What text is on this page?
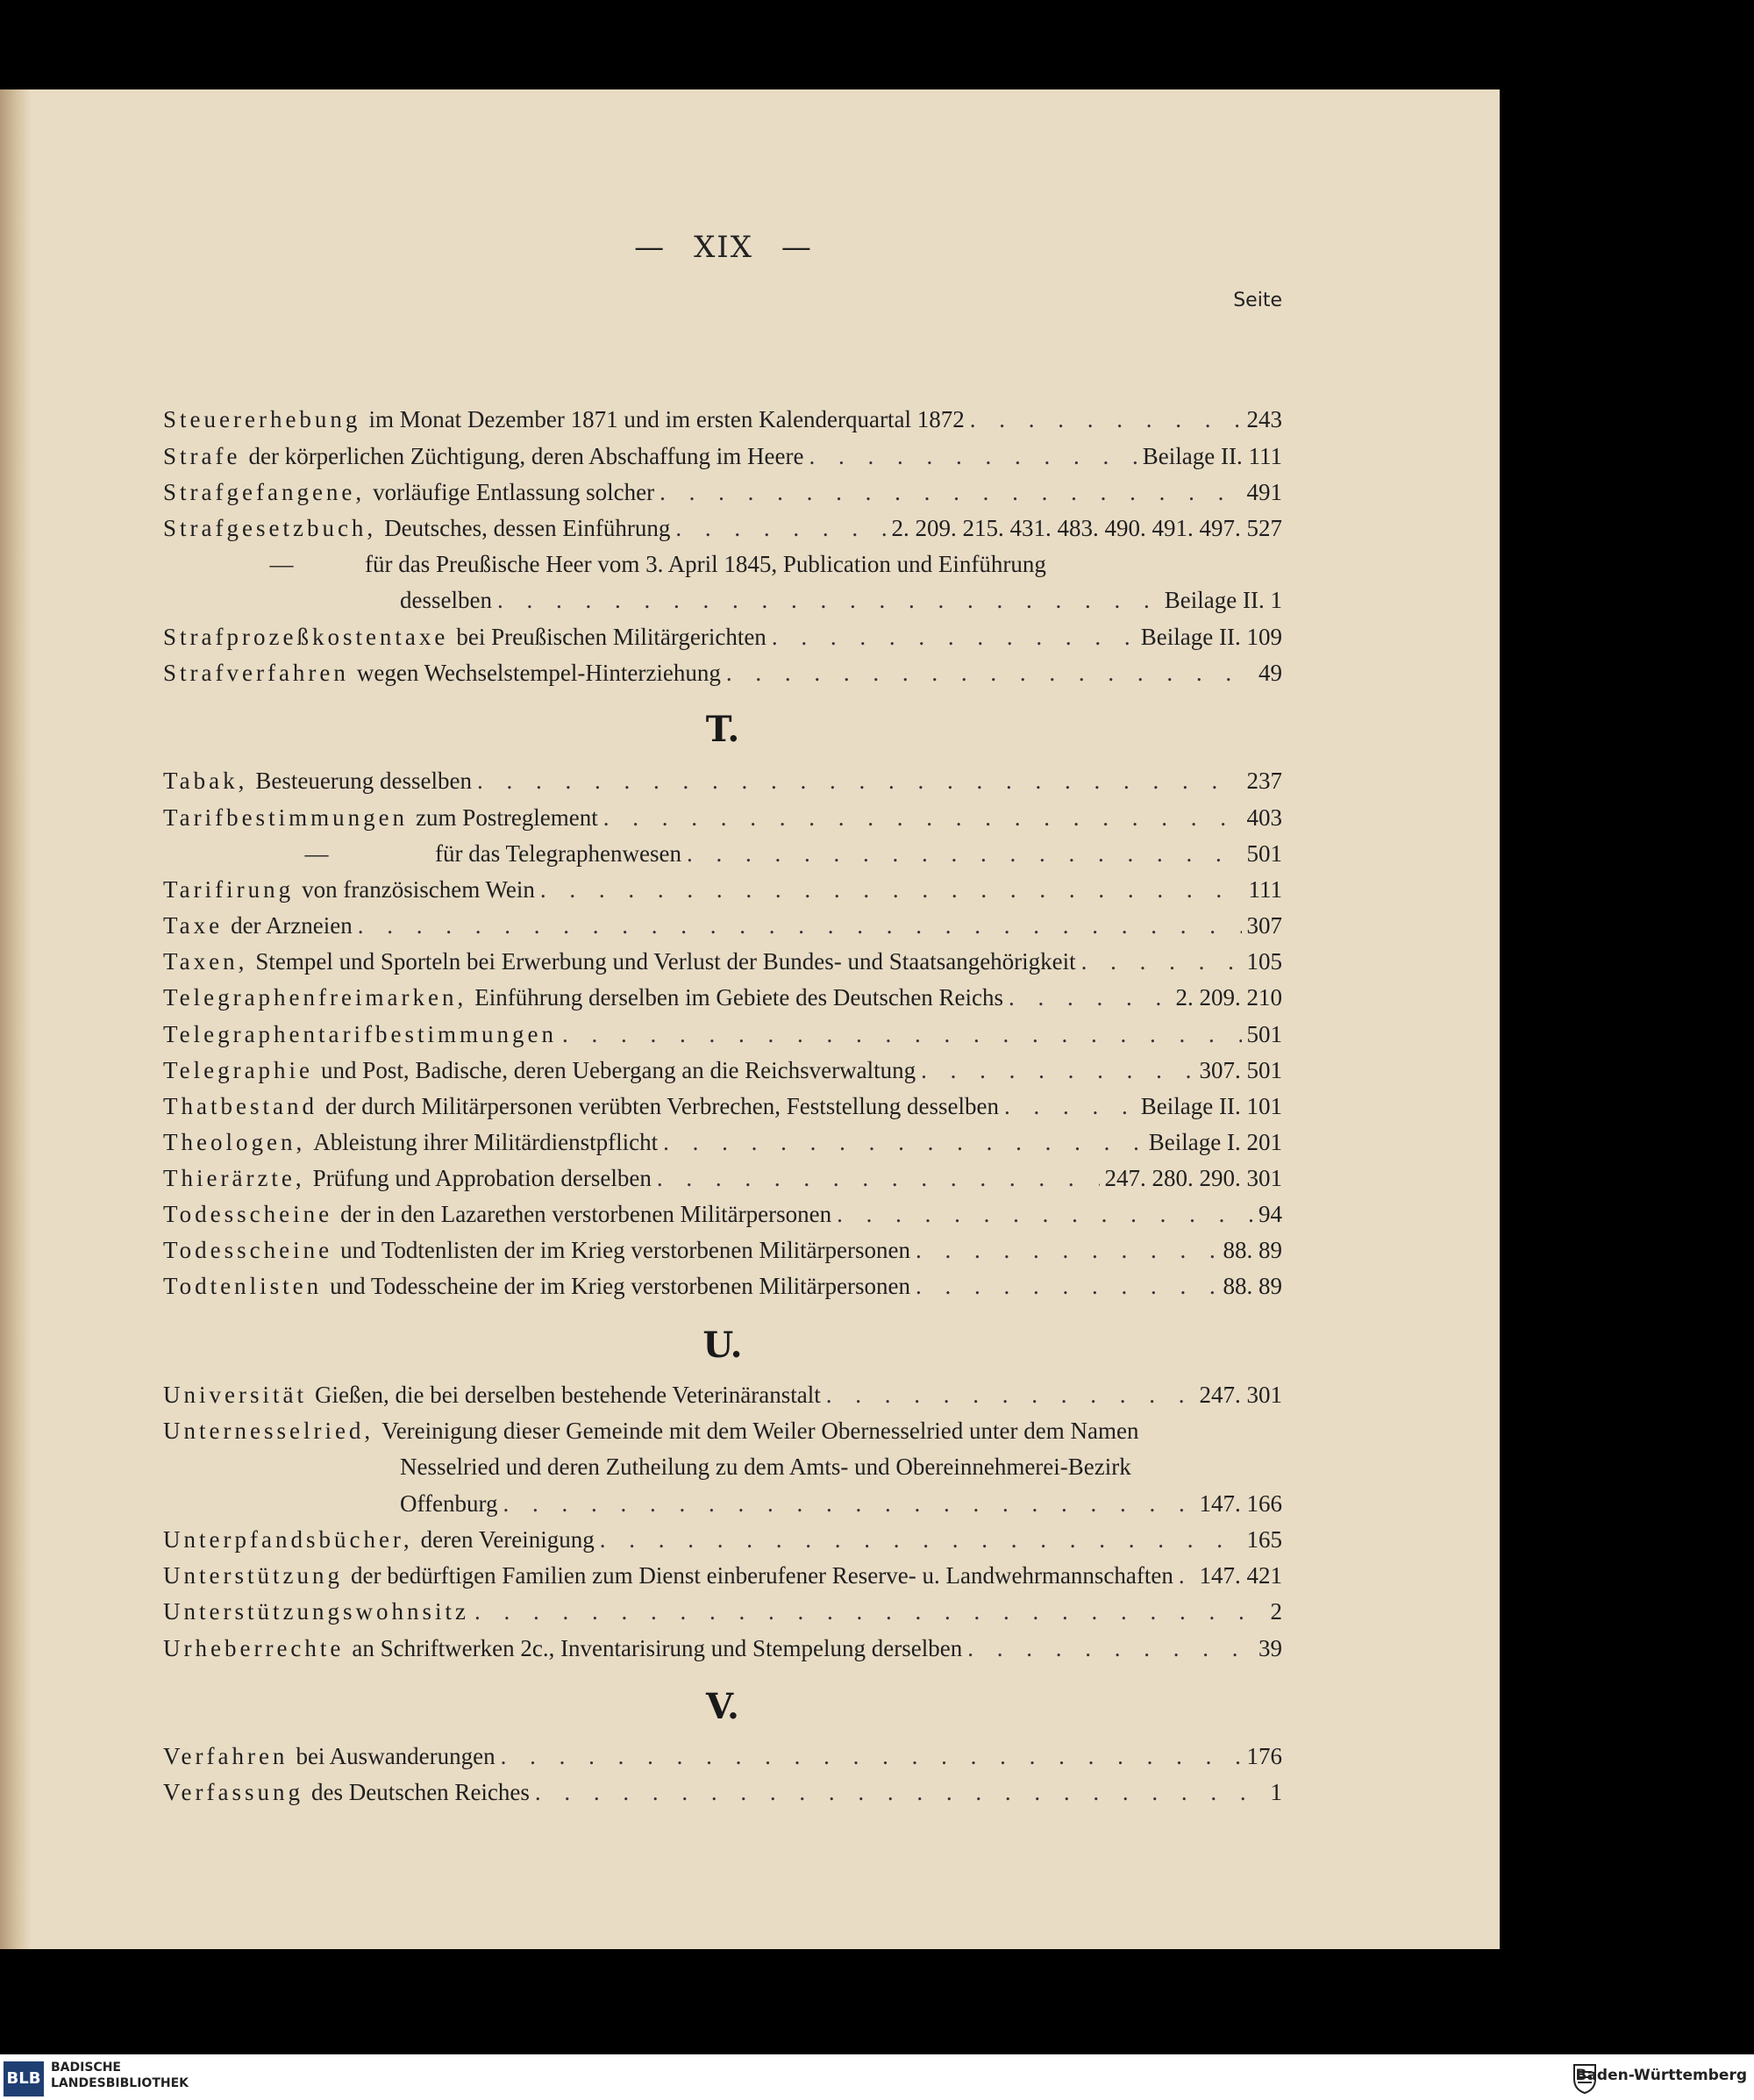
— XIX —
Seite
Steuererhebung im Monat Dezember 1871 und im ersten Kalenderquartal 1872 . . .	243
Strafe der körperlichen Züchtigung, deren Abschaffung im Heere . . .	Beilage II. 111
Strafgefangene, vorläufige Entlassung solcher . . .	491
Strafgesetzbuch, Deutsches, dessen Einführung . . .	2. 209. 215. 431. 483. 490. 491. 497. 527
—	für das Preußische Heer vom 3. April 1845, Publication und Einführung
desselben . . .	Beilage II. 1
Strafprozeßkostentaxe bei Preußischen Militärgerichten . . .	Beilage II. 109
Strafverfahren wegen Wechselstempel-Hinterziehung . . .	49
T.
Tabak, Besteuerung desselben . . .	237
Tarifbestimmungen zum Postreglement . . .	403
—	für das Telegraphenwesen . . .	501
Tarifirung von französischem Wein . . .	111
Taxe der Arzneien . . .	307
Taxen, Stempel und Sporteln bei Erwerbung und Verlust der Bundes- und Staatsangehörigkeit . . .	105
Telegraphenfreimarken, Einführung derselben im Gebiete des Deutschen Reichs . . .	2. 209. 210
Telegraphentarifbestimmungen . . .	501
Telegraphie und Post, Badische, deren Uebergang an die Reichsverwaltung . . .	307. 501
Thatbestand der durch Militärpersonen verübten Verbrechen, Feststellung desselben . . .	Beilage II. 101
Theologen, Ableistung ihrer Militärdienstpflicht . . .	Beilage I. 201
Thierärzte, Prüfung und Approbation derselben . . .	247. 280. 290. 301
Todesscheine der in den Lazarethen verstorbenen Militärpersonen . . .	94
Todesscheine und Todtenlisten der im Krieg verstorbenen Militärpersonen . . .	88. 89
Todtenlisten und Todesscheine der im Krieg verstorbenen Militärpersonen . . .	88. 89
U.
Universität Gießen, die bei derselben bestehende Veterinäranstalt . . .	247. 301
Unternesselried, Vereinigung dieser Gemeinde mit dem Weiler Obernesselried unter dem Namen
Nesselried und deren Zutheilung zu dem Amts- und Obereinnehmerei-Bezirk
Offenburg . . .	147. 166
Unterpfandsbücher, deren Vereinigung . . .	165
Unterstützung der bedürftigen Familien zum Dienst einberufener Reserve- u. Landwehrmannschaften . . . 147. 421
Unterstützungswohnsitz . . .	2
Urheberrechte an Schriftwerken 2c., Inventarisirung und Stempelung derselben . . .	39
V.
Verfahren bei Auswanderungen . . .	176
Verfassung des Deutschen Reiches . . .	1
BLB
BADISCHE
LANDESBIBLIOTHEK	Baden-Württemberg
